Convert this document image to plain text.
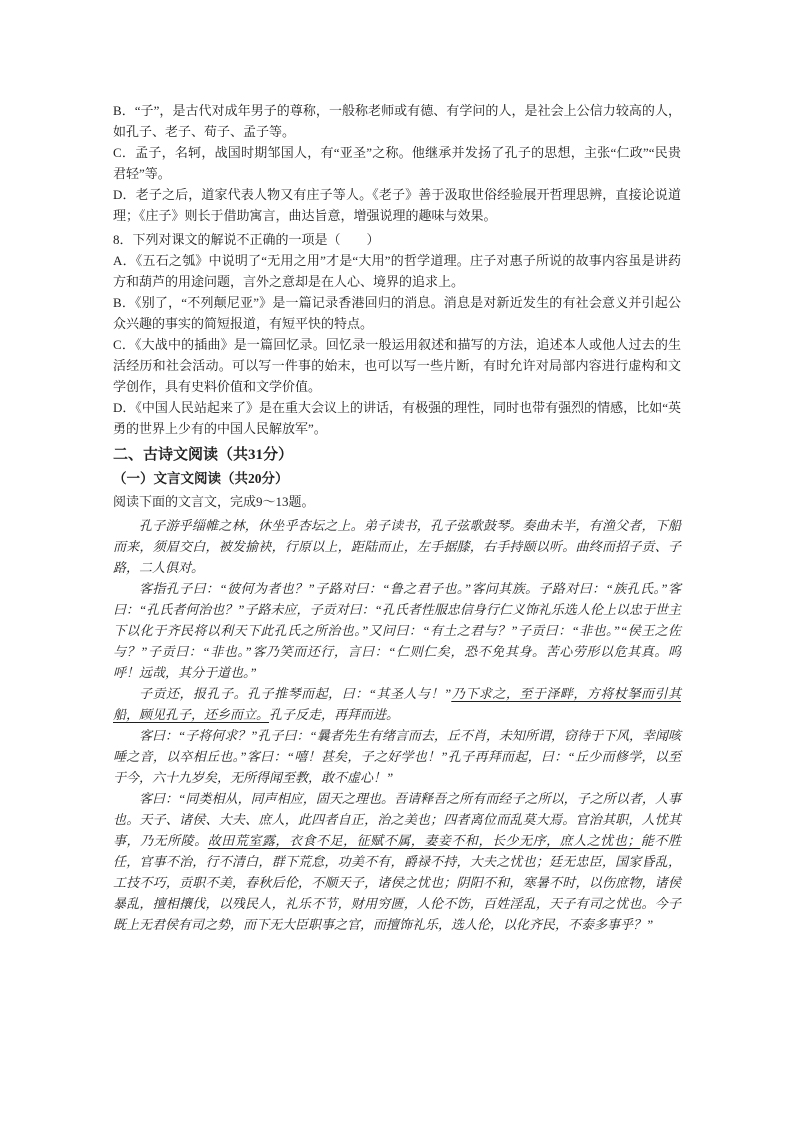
B．“子”，是古代对成年男子的尊称，一般称老师或有德、有学问的人，是社会上公信力较高的人，如孔子、老子、荀子、孟子等。

C．孟子，名轲，战国时期邹国人，有“亚圣”之称。他继承并发扬了孔子的思想，主张“仁政”“民贵君轻”等。

D．老子之后，道家代表人物又有庄子等人。《老子》善于汲取世俗经验展开哲理思辨，直接论说道理；《庄子》则长于借助寓言，曲达旨意，增强说理的趣味与效果。

8．下列对课文的解说不正确的一项是（　　）

A．《五石之瓠》中说明了“无用之用”才是“大用”的哲学道理。庄子对惠子所说的故事内容虽是讲药方和葫芦的用途问题，言外之意却是在人心、境界的追求上。

B．《别了，“不列颠尼亚”》是一篇记录香港回归的消息。消息是对新近发生的有社会意义并引起公众兴趣的事实的简短报道，有短平快的特点。

C．《大战中的插曲》是一篇回忆录。回忆录一般运用叙述和描写的方法，追述本人或他人过去的生活经历和社会活动。可以写一件事的始末，也可以写一些片断，有时允许对局部内容进行虚构和文学创作，具有史料价值和文学价值。

D．《中国人民站起来了》是在重大会议上的讲话，有极强的理性，同时也带有强烈的情感，比如“英勇的世界上少有的中国人民解放军”。

二、古诗文阅读（共31分）

（一）文言文阅读（共20分）

阅读下面的文言文，完成9～13题。

孔子游乎缁帷之林，休坐乎杏坛之上。弟子读书，孔子弦歌鼓琴。奏曲未半，有渔父者，下船而来，须眉交白，被发揄袂，行原以上，距陆而止，左手据膝，右手持颐以听。曲终而招子贡、子路，二人俱对。

客指孔子曰：“彼何为者也？”子路对曰：“鲁之君子也。”客问其族。子路对曰：“族孔氏。”客曰：“孔氏者何治也？”子路未应，子贡对曰：“孔氏者性服忠信身行仁义饰礼乐选人伦上以忠于世主下以化于齐民将以利天下此孔氏之所治也。”又问曰：“有土之君与？”子贡曰：“非也。”“侯王之佐与？”子贡曰：“非也。”客乃笑而还行，言曰：“仁则仁矣，恐不免其身。苦心劳形以危其真。呜呼！远哉，其分于道也。”

子贡还，报孔子。孔子推琴而起，曰：“其圣人与！”乃下求之，至于泽畔，方将杖拏而引其船，顾见孔子，还乡而立。孔子反走，再拜而进。

客曰：“子将何求？”孔子曰：“曩者先生有绪言而去，丘不肖，未知所谓，窃待于下风，幸闻咳唾之音，以卒相丘也。”客曰：“嘻！甚矣，子之好学也！”孔子再拜而起，曰：“丘少而修学，以至于今，六十九岁矣，无所得闻至教，敢不虚心！”

客曰：“同类相从，同声相应，固天之理也。吾请释吾之所有而经子之所以，子之所以者，人事也。天子、诸侯、大夫、庶人，此四者自正，治之美也；四者离位而乱莫大焉。官治其职，人忧其事，乃无所陵。故田荒室露，衣食不足，征赋不属，妻妾不和，长少无序，庶人之忧也；能不胜任，官事不治，行不清白，群下荒怠，功美不有，爵禄不持，大夫之忧也；廷无忠臣，国家昏乱，工技不巧，贡职不美，春秋后伦，不顺天子，诸侯之忧也；阴阳不和，寒暑不时，以伤庶物，诸侯暴乱，擅相攘伐，以残民人，礼乐不节，财用穷匮，人伦不饬，百姓淫乱，天子有司之忧也。今子既上无君侯有司之势，而下无大臣职事之官，而擅饰礼乐，选人伦，以化齐民，不泰多事乎？”
